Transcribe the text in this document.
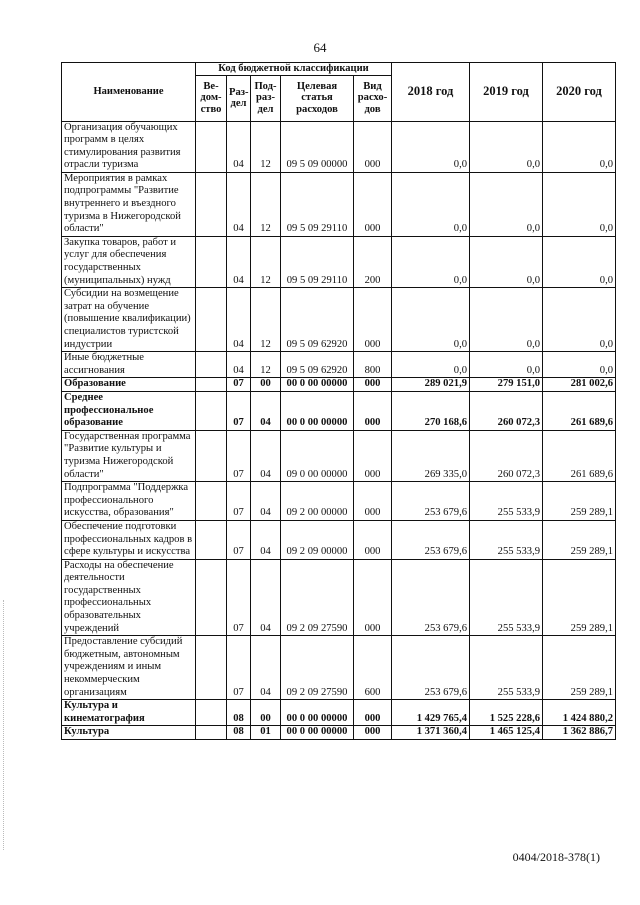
64
Наименование	Код бюджетной классификации					2018 год	2019 год	2020 год
	Ве-дом-ство	Раз-дел	Под-раз-дел	Целевая статья расходов	Вид расхо-дов			
Организация обучающих программ в целях стимулирования развития отрасли туризма		04	12	09 5 09 00000	000	0,0	0,0	0,0
Мероприятия в рамках подпрограммы "Развитие внутреннего и въездного туризма в Нижегородской области"		04	12	09 5 09 29110	000	0,0	0,0	0,0
Закупка товаров, работ и услуг для обеспечения государственных (муниципальных) нужд		04	12	09 5 09 29110	200	0,0	0,0	0,0
Субсидии на возмещение затрат на обучение (повышение квалификации) специалистов туристской индустрии		04	12	09 5 09 62920	000	0,0	0,0	0,0
Иные бюджетные ассигнования		04	12	09 5 09 62920	800	0,0	0,0	0,0
Образование		07	00	00 0 00 00000	000	289 021,9	279 151,0	281 002,6
Среднее профессиональное образование		07	04	00 0 00 00000	000	270 168,6	260 072,3	261 689,6
Государственная программа "Развитие культуры и туризма Нижегородской области"		07	04	09 0 00 00000	000	269 335,0	260 072,3	261 689,6
Подпрограмма "Поддержка профессионального искусства, образования"		07	04	09 2 00 00000	000	253 679,6	255 533,9	259 289,1
Обеспечение подготовки профессиональных кадров в сфере культуры и искусства		07	04	09 2 09 00000	000	253 679,6	255 533,9	259 289,1
Расходы на обеспечение деятельности государственных профессиональных образовательных учреждений		07	04	09 2 09 27590	000	253 679,6	255 533,9	259 289,1
Предоставление субсидий бюджетным, автономным учреждениям и иным некоммерческим организациям		07	04	09 2 09 27590	600	253 679,6	255 533,9	259 289,1
Культура и кинематография		08	00	00 0 00 00000	000	1 429 765,4	1 525 228,6	1 424 880,2
Культура		08	01	00 0 00 00000	000	1 371 360,4	1 465 125,4	1 362 886,7
0404/2018-378(1)
